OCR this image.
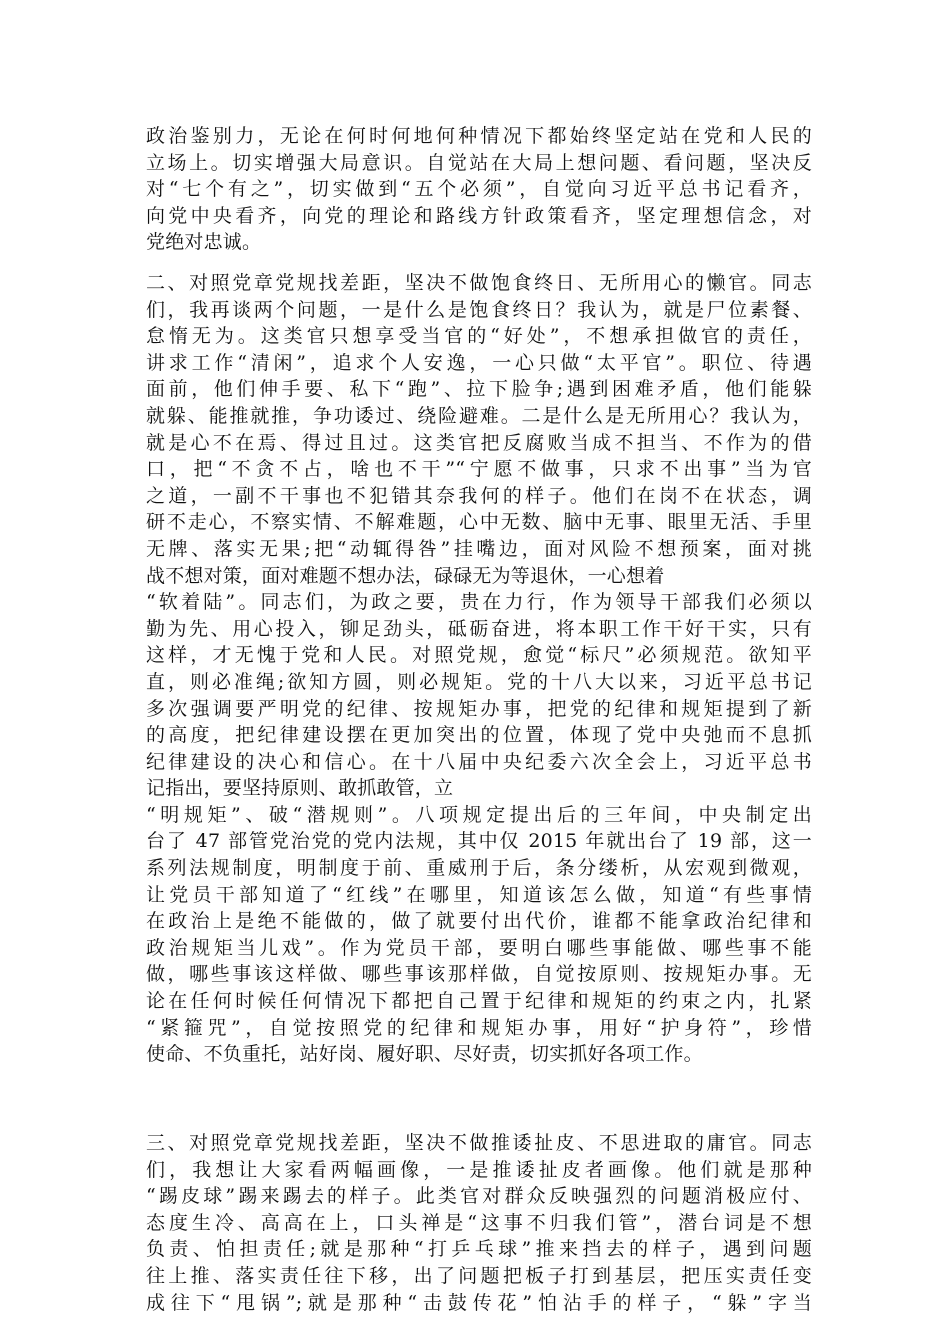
政治鉴别力，无论在何时何地何种情况下都始终坚定站在党和人民的
立场上。切实增强大局意识。自觉站在大局上想问题、看问题，坚决反
对“七个有之”，切实做到“五个必须”，自觉向习近平总书记看齐，
向党中央看齐，向党的理论和路线方针政策看齐，坚定理想信念，对
党绝对忠诚。
二、对照党章党规找差距，坚决不做饱食终日、无所用心的懒官。同志
们，我再谈两个问题，一是什么是饱食终日？我认为，就是尸位素餐、
怠惰无为。这类官只想享受当官的“好处”，不想承担做官的责任，
讲求工作“清闲”，追求个人安逸，一心只做“太平官”。职位、待遇
面前，他们伸手要、私下“跑”、拉下脸争;遇到困难矛盾，他们能躲
就躲、能推就推，争功诿过、绕险避难。二是什么是无所用心？我认为，
就是心不在焉、得过且过。这类官把反腐败当成不担当、不作为的借
口，把“不贪不占，啥也不干”“宁愿不做事，只求不出事”当为官
之道，一副不干事也不犯错其奈我何的样子。他们在岗不在状态，调
研不走心，不察实情、不解难题，心中无数、脑中无事、眼里无活、手里
无牌、落实无果;把“动辄得咎”挂嘴边，面对风险不想预案，面对挑
战不想对策，面对难题不想办法，碌碌无为等退休，一心想着
“软着陆”。同志们，为政之要，贵在力行，作为领导干部我们必须以
勤为先、用心投入，铆足劲头，砥砺奋进，将本职工作干好干实，只有
这样，才无愧于党和人民。对照党规，愈觉“标尺”必须规范。欲知平
直，则必准绳;欲知方圆，则必规矩。党的十八大以来，习近平总书记
多次强调要严明党的纪律、按规矩办事，把党的纪律和规矩提到了新
的高度，把纪律建设摆在更加突出的位置，体现了党中央弛而不息抓
纪律建设的决心和信心。在十八届中央纪委六次全会上，习近平总书
记指出，要坚持原则、敢抓敢管，立
“明规矩”、破“潜规则”。八项规定提出后的三年间，中央制定出
台了 47 部管党治党的党内法规，其中仅 2015 年就出台了 19 部，这一
系列法规制度，明制度于前、重威刑于后，条分缕析，从宏观到微观，
让党员干部知道了“红线”在哪里，知道该怎么做，知道“有些事情
在政治上是绝不能做的，做了就要付出代价，谁都不能拿政治纪律和
政治规矩当儿戏”。作为党员干部，要明白哪些事能做、哪些事不能
做，哪些事该这样做、哪些事该那样做，自觉按原则、按规矩办事。无
论在任何时候任何情况下都把自己置于纪律和规矩的约束之内，扎紧
“紧箍咒”，自觉按照党的纪律和规矩办事，用好“护身符”，珍惜
使命、不负重托，站好岗、履好职、尽好责，切实抓好各项工作。
三、对照党章党规找差距，坚决不做推诿扯皮、不思进取的庸官。同志
们，我想让大家看两幅画像，一是推诿扯皮者画像。他们就是那种
“踢皮球”踢来踢去的样子。此类官对群众反映强烈的问题消极应付、
态度生冷、高高在上，口头禅是“这事不归我们管”，潜台词是不想
负责、怕担责任;就是那种“打乒乓球”推来挡去的样子，遇到问题
往上推、落实责任往下移，出了问题把板子打到基层，把压实责任变
成往下“甩锅”;就是那种“击鼓传花”怕沾手的样子，“躲”字当
